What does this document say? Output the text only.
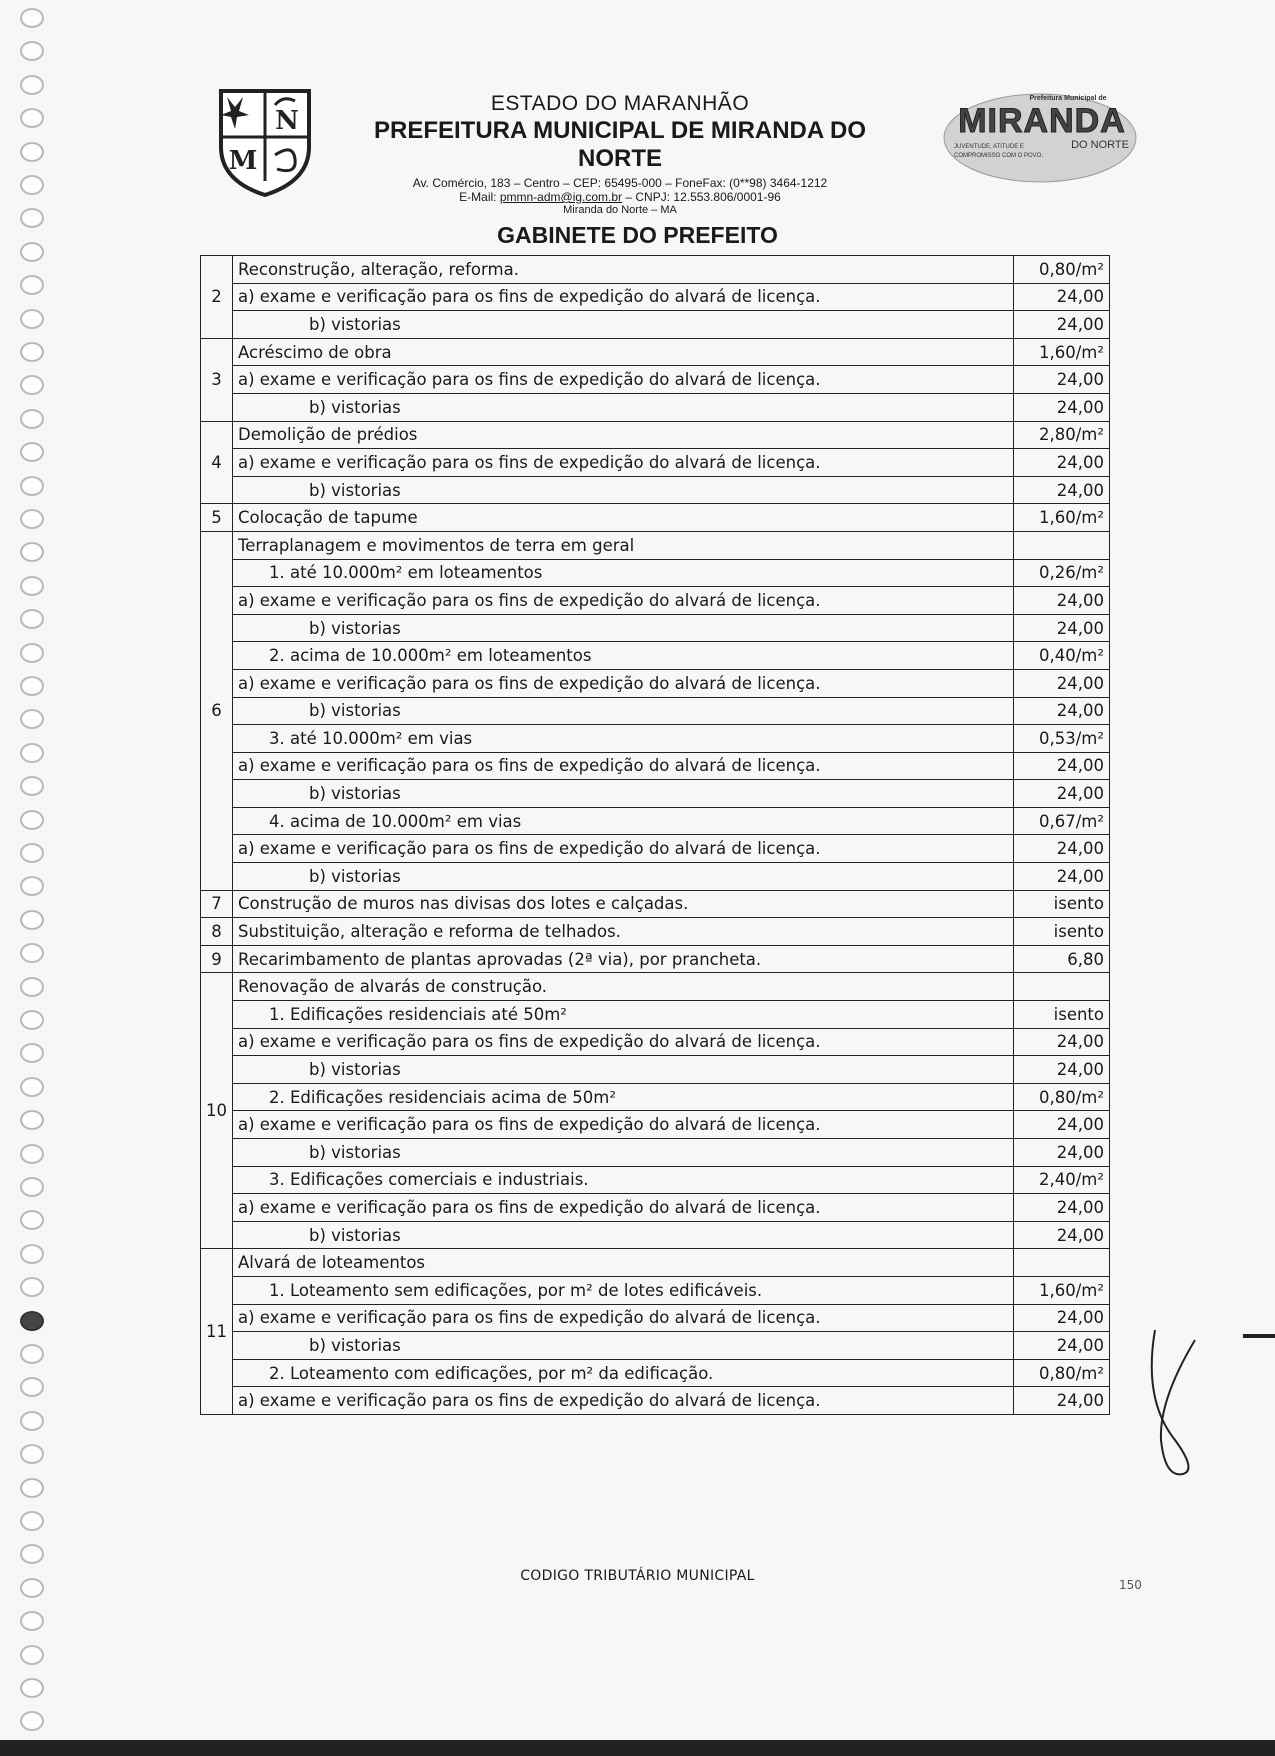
N
M
ESTADO DO MARANHÃO
PREFEITURA MUNICIPAL DE MIRANDA DO NORTE
Av. Comércio, 183 – Centro – CEP: 65495-000 – FoneFax: (0**98) 3464-1212
E-Mail: pmmn-adm@ig.com.br – CNPJ: 12.553.806/0001-96
Miranda do Norte – MA
Prefeitura Municipal de
MIRANDA
DO NORTE
JUVENTUDE, ATITUDE E
COMPROMISSO COM O POVO.
GABINETE DO PREFEITO
2	Reconstrução, alteração, reforma.	0,80/m²
	a) exame e verificação para os fins de expedição do alvará de licença.	24,00
	b) vistorias	24,00
3	Acréscimo de obra	1,60/m²
	a) exame e verificação para os fins de expedição do alvará de licença.	24,00
	b) vistorias	24,00
4	Demolição de prédios	2,80/m²
	a) exame e verificação para os fins de expedição do alvará de licença.	24,00
	b) vistorias	24,00
5	Colocação de tapume	1,60/m²
6	Terraplanagem e movimentos de terra em geral	
	1. até 10.000m² em loteamentos	0,26/m²
	a) exame e verificação para os fins de expedição do alvará de licença.	24,00
	b) vistorias	24,00
	2. acima de 10.000m² em loteamentos	0,40/m²
	a) exame e verificação para os fins de expedição do alvará de licença.	24,00
	b) vistorias	24,00
	3. até 10.000m² em vias	0,53/m²
	a) exame e verificação para os fins de expedição do alvará de licença.	24,00
	b) vistorias	24,00
	4. acima de 10.000m² em vias	0,67/m²
	a) exame e verificação para os fins de expedição do alvará de licença.	24,00
	b) vistorias	24,00
7	Construção de muros nas divisas dos lotes e calçadas.	isento
8	Substituição, alteração e reforma de telhados.	isento
9	Recarimbamento de plantas aprovadas (2ª via), por prancheta.	6,80
10	Renovação de alvarás de construção.	
	1. Edificações residenciais até 50m²	isento
	a) exame e verificação para os fins de expedição do alvará de licença.	24,00
	b) vistorias	24,00
	2. Edificações residenciais acima de 50m²	0,80/m²
	a) exame e verificação para os fins de expedição do alvará de licença.	24,00
	b) vistorias	24,00
	3. Edificações comerciais e industriais.	2,40/m²
	a) exame e verificação para os fins de expedição do alvará de licença.	24,00
	b) vistorias	24,00
11	Alvará de loteamentos	
	1. Loteamento sem edificações, por m² de lotes edificáveis.	1,60/m²
	a) exame e verificação para os fins de expedição do alvará de licença.	24,00
	b) vistorias	24,00
	2. Loteamento com edificações, por m² da edificação.	0,80/m²
	a) exame e verificação para os fins de expedição do alvará de licença.	24,00
CODIGO TRIBUTÁRIO MUNICIPAL
150
